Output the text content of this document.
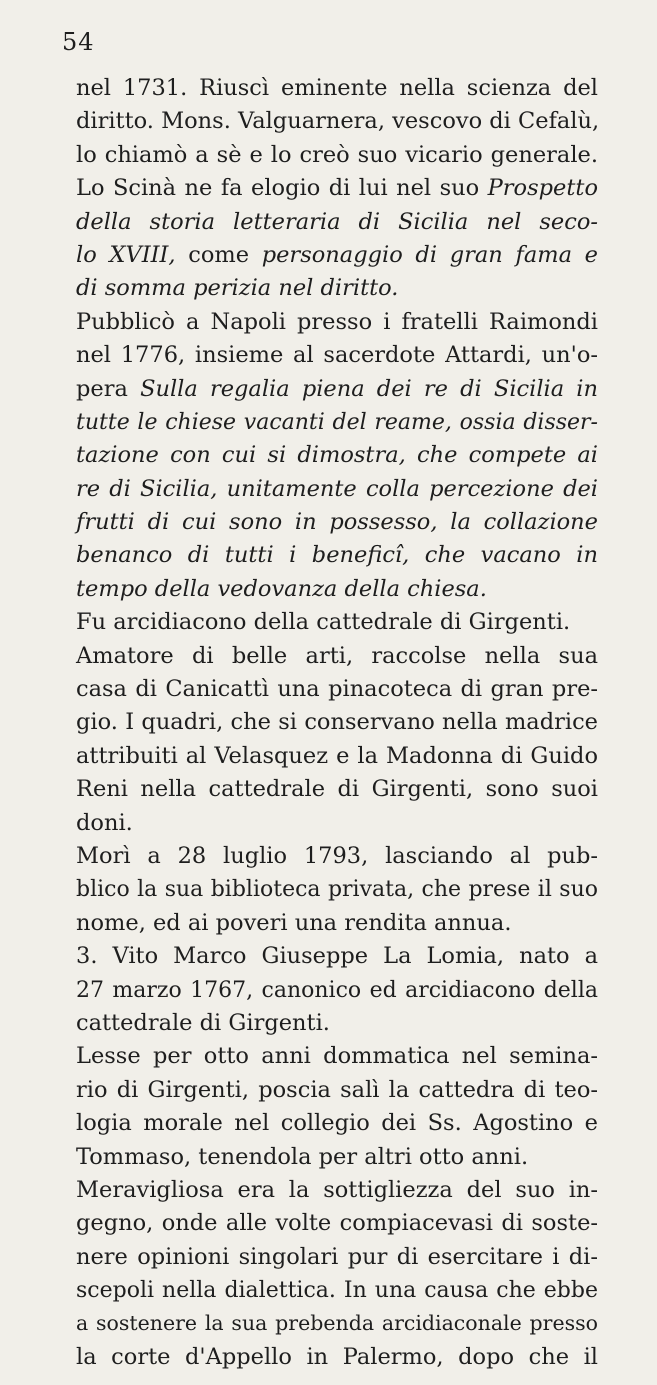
54
nel 1731. Riuscì eminente nella scienza del
diritto. Mons. Valguarnera, vescovo di Cefalù,
lo chiamò a sè e lo creò suo vicario generale.
Lo Scinà ne fa elogio di lui nel suo Prospetto
della storia letteraria di Sicilia nel seco-
lo XVIII, come personaggio di gran fama e
di somma perizia nel diritto.
Pubblicò a Napoli presso i fratelli Raimondi
nel 1776, insieme al sacerdote Attardi, un'o-
pera Sulla regalia piena dei re di Sicilia in
tutte le chiese vacanti del reame, ossia disser-
tazione con cui si dimostra, che compete ai
re di Sicilia, unitamente colla percezione dei
frutti di cui sono in possesso, la collazione
benanco di tutti i beneficî, che vacano in
tempo della vedovanza della chiesa.
Fu arcidiacono della cattedrale di Girgenti.
Amatore di belle arti, raccolse nella sua
casa di Canicattì una pinacoteca di gran pre-
gio. I quadri, che si conservano nella madrice
attribuiti al Velasquez e la Madonna di Guido
Reni nella cattedrale di Girgenti, sono suoi
doni.
Morì a 28 luglio 1793, lasciando al pub-
blico la sua biblioteca privata, che prese il suo
nome, ed ai poveri una rendita annua.
3. Vito Marco Giuseppe La Lomia, nato a
27 marzo 1767, canonico ed arcidiacono della
cattedrale di Girgenti.
Lesse per otto anni dommatica nel semina-
rio di Girgenti, poscia salì la cattedra di teo-
logia morale nel collegio dei Ss. Agostino e
Tommaso, tenendola per altri otto anni.
Meravigliosa era la sottigliezza del suo in-
gegno, onde alle volte compiacevasi di soste-
nere opinioni singolari pur di esercitare i di-
scepoli nella dialettica. In una causa che ebbe
a sostenere la sua prebenda arcidiaconale presso
la corte d'Appello in Palermo, dopo che il
